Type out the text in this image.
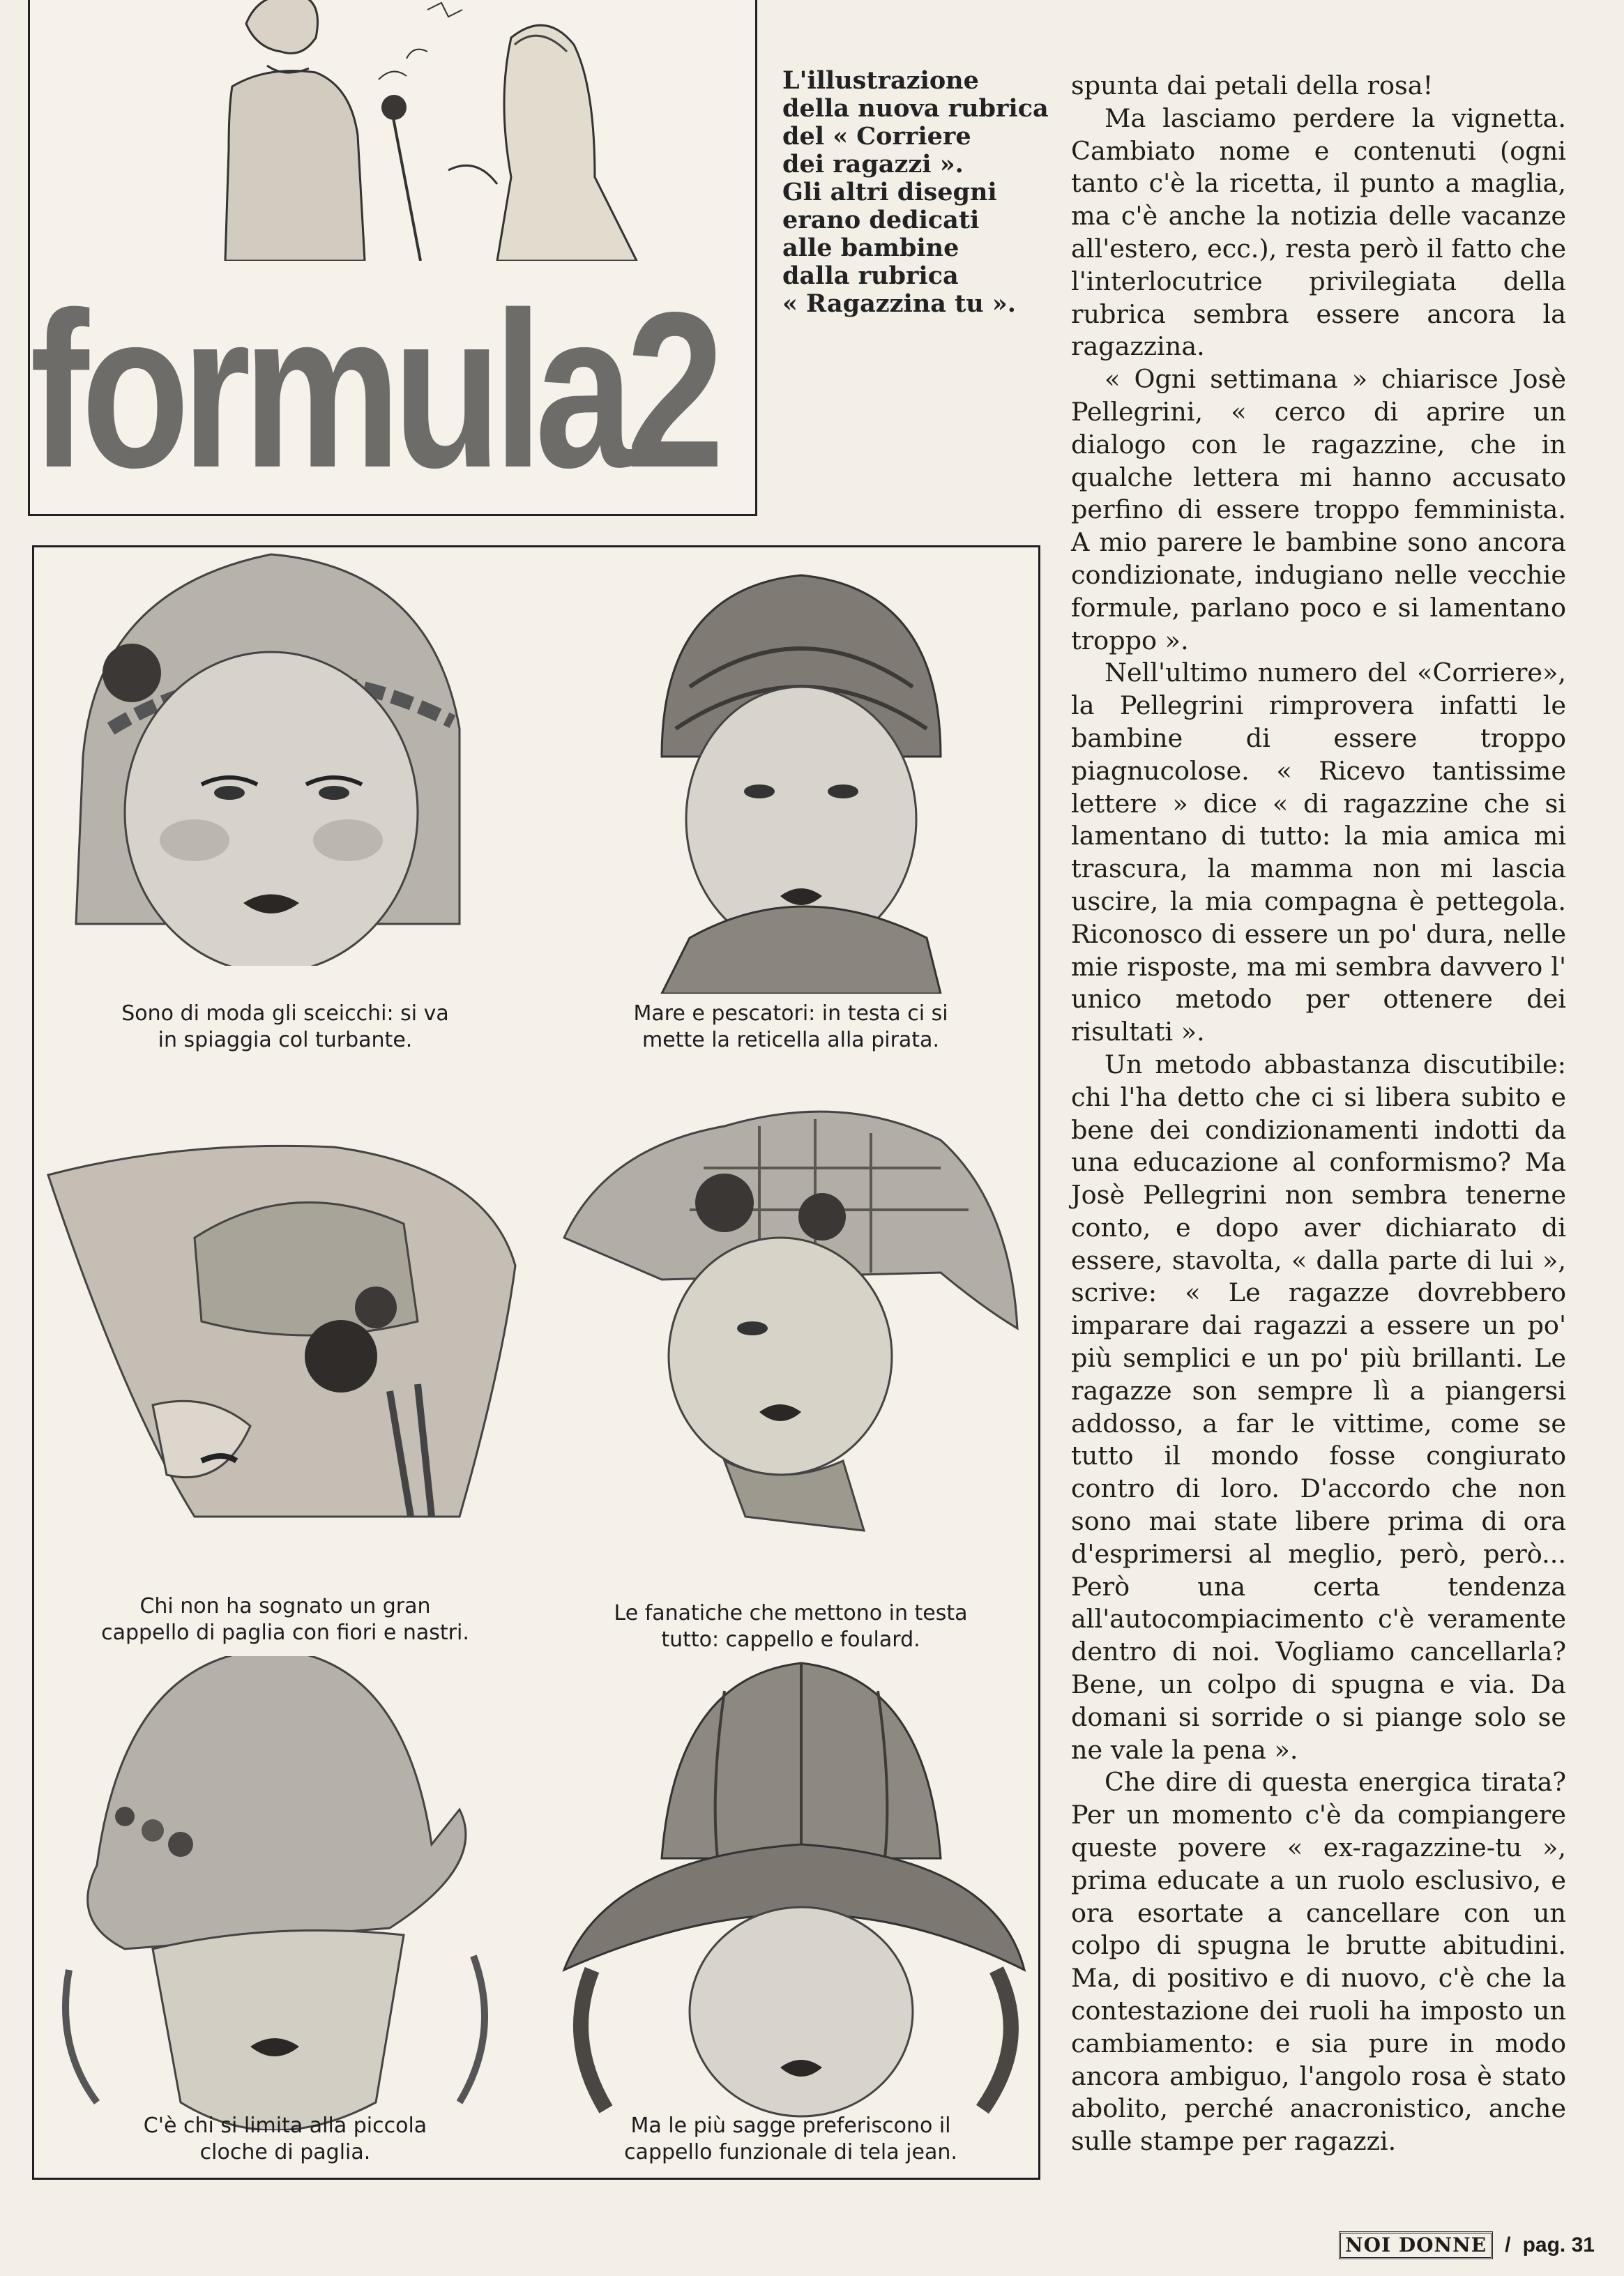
formula2

L'illustrazione
della nuova rubrica
del « Corriere
dei ragazzi ».
Gli altri disegni
erano dedicati
alle bambine
dalla rubrica
« Ragazzina tu ».

spunta dai petali della rosa!

Ma lasciamo perdere la vignetta. Cambiato nome e contenuti (ogni tanto c'è la ricetta, il punto a maglia, ma c'è anche la notizia delle vacanze all'estero, ecc.), resta però il fatto che l'interlocutrice privilegiata della rubrica sembra essere ancora la ragazzina.

« Ogni settimana » chiarisce Josè Pellegrini, « cerco di aprire un dialogo con le ragazzine, che in qualche lettera mi hanno accusato perfino di essere troppo femminista. A mio parere le bambine sono ancora condizionate, indugiano nelle vecchie formule, parlano poco e si lamentano troppo ».

Nell'ultimo numero del «Corriere», la Pellegrini rimprovera infatti le bambine di essere troppo piagnucolose. « Ricevo tantissime lettere » dice « di ragazzine che si lamentano di tutto: la mia amica mi trascura, la mamma non mi lascia uscire, la mia compagna è pettegola. Riconosco di essere un po' dura, nelle mie risposte, ma mi sembra davvero l' unico metodo per ottenere dei risultati ».

Un metodo abbastanza discutibile: chi l'ha detto che ci si libera subito e bene dei condizionamenti indotti da una educazione al conformismo? Ma Josè Pellegrini non sembra tenerne conto, e dopo aver dichiarato di essere, stavolta, « dalla parte di lui », scrive: « Le ragazze dovrebbero imparare dai ragazzi a essere un po' più semplici e un po' più brillanti. Le ragazze son sempre lì a piangersi addosso, a far le vittime, come se tutto il mondo fosse congiurato contro di loro. D'accordo che non sono mai state libere prima di ora d'esprimersi al meglio, però, però... Però una certa tendenza all'autocompiacimento c'è veramente dentro di noi. Vogliamo cancellarla? Bene, un colpo di spugna e via. Da domani si sorride o si piange solo se ne vale la pena ».

Che dire di questa energica tirata? Per un momento c'è da compiangere queste povere « ex-ragazzine-tu », prima educate a un ruolo esclusivo, e ora esortate a cancellare con un colpo di spugna le brutte abitudini. Ma, di positivo e di nuovo, c'è che la contestazione dei ruoli ha imposto un cambiamento: e sia pure in modo ancora ambiguo, l'angolo rosa è stato abolito, perché anacronistico, anche sulle stampe per ragazzi.

Sono di moda gli sceicchi: si va
in spiaggia col turbante.
Mare e pescatori: in testa ci si
mette la reticella alla pirata.
Chi non ha sognato un gran
cappello di paglia con fiori e nastri.
Le fanatiche che mettono in testa
tutto: cappello e foulard.
C'è chi si limita alla piccola
cloche di paglia.
Ma le più sagge preferiscono il
cappello funzionale di tela jean.
NOI DONNE / pag. 31
